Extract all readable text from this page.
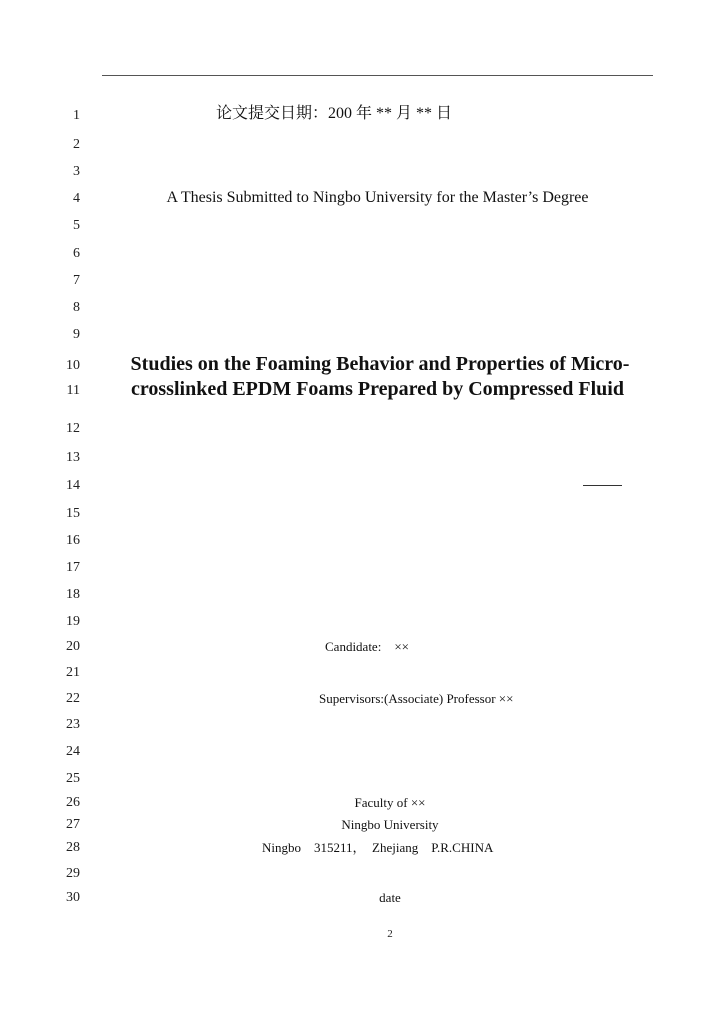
1
2
3
4
5
6
7
8
9
10
11
12
13
14
15
16
17
18
19
20
21
22
23
24
25
26
27
28
29
30
论文提交日期：200 年 ** 月 ** 日
A Thesis Submitted to Ningbo University for the Master’s Degree
Studies on the Foaming Behavior and Properties of Micro-
crosslinked EPDM Foams Prepared by Compressed Fluid
Candidate:　××
Supervisors:(Associate) Professor ××
Faculty of ××
Ningbo University
Ningbo　315211，　Zhejiang　P.R.CHINA
date
2
